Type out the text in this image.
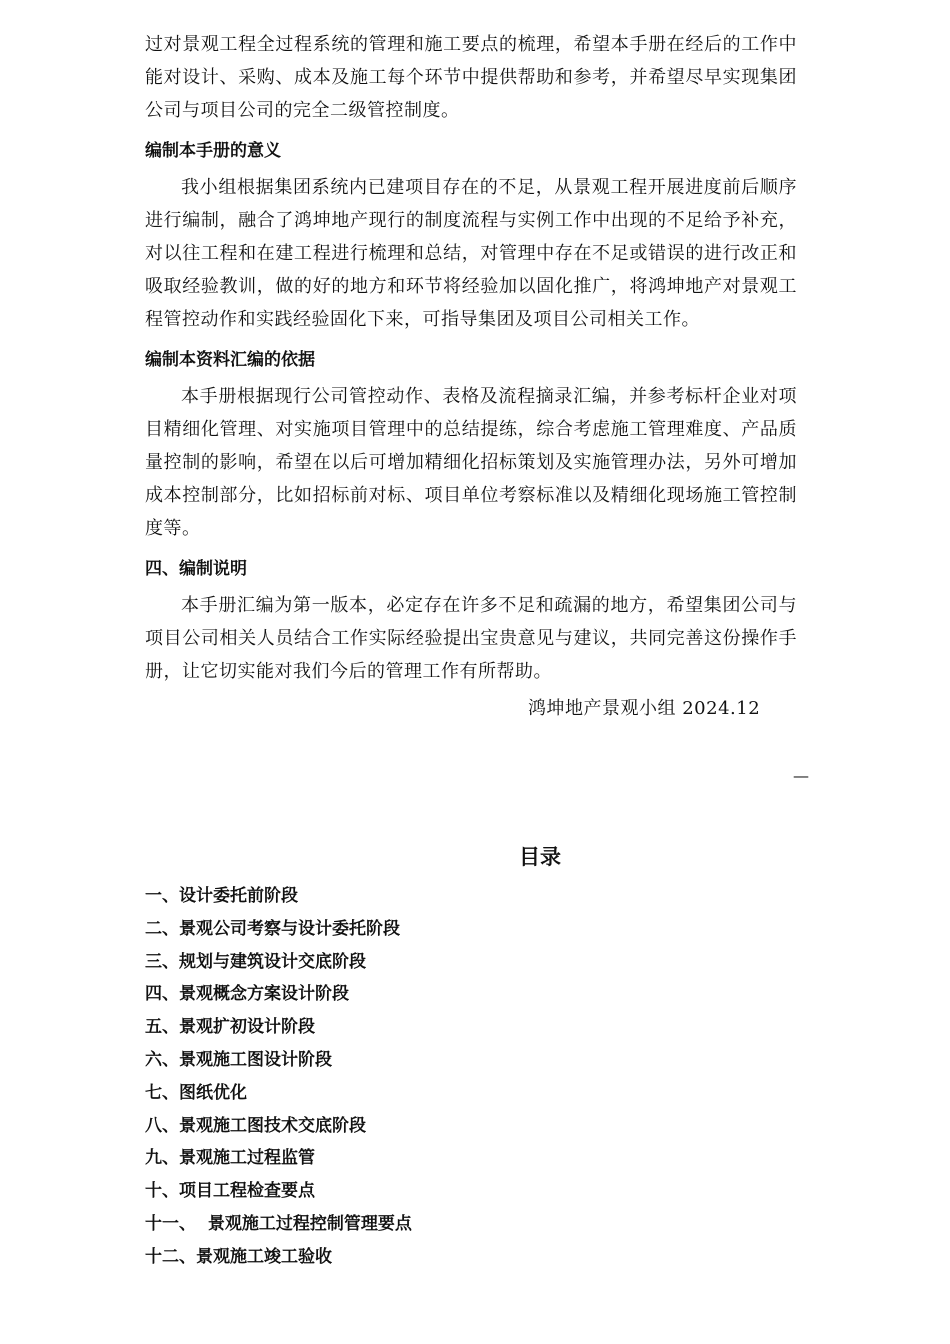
过对景观工程全过程系统的管理和施工要点的梳理，希望本手册在经后的工作中能对设计、采购、成本及施工每个环节中提供帮助和参考，并希望尽早实现集团公司与项目公司的完全二级管控制度。

编制本手册的意义

我小组根据集团系统内已建项目存在的不足，从景观工程开展进度前后顺序进行编制，融合了鸿坤地产现行的制度流程与实例工作中出现的不足给予补充，对以往工程和在建工程进行梳理和总结，对管理中存在不足或错误的进行改正和吸取经验教训，做的好的地方和环节将经验加以固化推广，将鸿坤地产对景观工程管控动作和实践经验固化下来，可指导集团及项目公司相关工作。

编制本资料汇编的依据

本手册根据现行公司管控动作、表格及流程摘录汇编，并参考标杆企业对项目精细化管理、对实施项目管理中的总结提练，综合考虑施工管理难度、产品质量控制的影响，希望在以后可增加精细化招标策划及实施管理办法，另外可增加成本控制部分，比如招标前对标、项目单位考察标准以及精细化现场施工管控制度等。

四、编制说明

本手册汇编为第一版本，必定存在许多不足和疏漏的地方，希望集团公司与项目公司相关人员结合工作实际经验提出宝贵意见与建议，共同完善这份操作手册，让它切实能对我们今后的管理工作有所帮助。

鸿坤地产景观小组 2024.12
—
目录
一、设计委托前阶段
二、景观公司考察与设计委托阶段
三、规划与建筑设计交底阶段
四、景观概念方案设计阶段
五、景观扩初设计阶段
六、景观施工图设计阶段
七、图纸优化
八、景观施工图技术交底阶段
九、景观施工过程监管
十、项目工程检查要点
十一、  景观施工过程控制管理要点
十二、景观施工竣工验收
